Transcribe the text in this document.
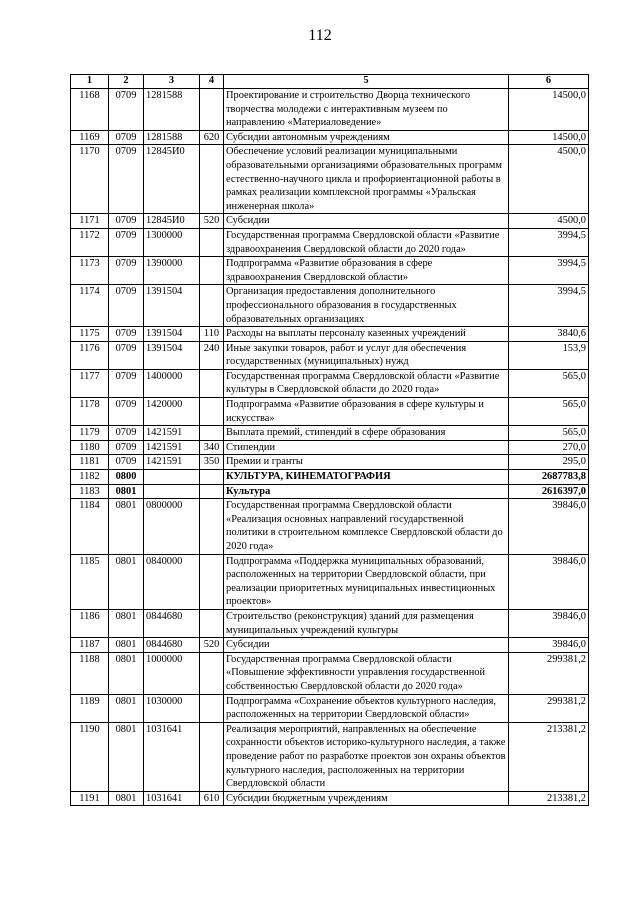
112
1	2	3	4	5	6
1168	0709	1281588		Проектирование и строительство Дворца технического творчества молодежи с интерактивным музеем по направлению «Материаловедение»	14500,0
1169	0709	1281588	620	Субсидии автономным учреждениям	14500,0
1170	0709	12845И0		Обеспечение условий реализации муниципальными образовательными организациями образовательных программ естественно-научного цикла и профориентационной работы в рамках реализации комплексной программы «Уральская инженерная школа»	4500,0
1171	0709	12845И0	520	Субсидии	4500,0
1172	0709	1300000		Государственная программа Свердловской области «Развитие здравоохранения Свердловской области до 2020 года»	3994,5
1173	0709	1390000		Подпрограмма «Развитие образования в сфере здравоохранения Свердловской области»	3994,5
1174	0709	1391504		Организация предоставления дополнительного профессионального образования в государственных образовательных организациях	3994,5
1175	0709	1391504	110	Расходы на выплаты персоналу казенных учреждений	3840,6
1176	0709	1391504	240	Иные закупки товаров, работ и услуг для обеспечения государственных (муниципальных) нужд	153,9
1177	0709	1400000		Государственная программа Свердловской области «Развитие культуры в Свердловской области до 2020 года»	565,0
1178	0709	1420000		Подпрограмма «Развитие образования в сфере культуры и искусства»	565,0
1179	0709	1421591		Выплата премий, стипендий в сфере образования	565,0
1180	0709	1421591	340	Стипендии	270,0
1181	0709	1421591	350	Премии и гранты	295,0
1182	0800			КУЛЬТУРА, КИНЕМАТОГРАФИЯ	2687783,8
1183	0801			Культура	2616397,0
1184	0801	0800000		Государственная программа Свердловской области «Реализация основных направлений государственной политики в строительном комплексе Свердловской области до 2020 года»	39846,0
1185	0801	0840000		Подпрограмма «Поддержка муниципальных образований, расположенных на территории Свердловской области, при реализации приоритетных муниципальных инвестиционных проектов»	39846,0
1186	0801	0844680		Строительство (реконструкция) зданий для размещения муниципальных учреждений культуры	39846,0
1187	0801	0844680	520	Субсидии	39846,0
1188	0801	1000000		Государственная программа Свердловской области «Повышение эффективности управления государственной собственностью Свердловской области до 2020 года»	299381,2
1189	0801	1030000		Подпрограмма «Сохранение объектов культурного наследия, расположенных на территории Свердловской области»	299381,2
1190	0801	1031641		Реализация мероприятий, направленных на обеспечение сохранности объектов историко-культурного наследия, а также проведение работ по разработке проектов зон охраны объектов культурного наследия, расположенных на территории Свердловской области	213381,2
1191	0801	1031641	610	Субсидии бюджетным учреждениям	213381,2
